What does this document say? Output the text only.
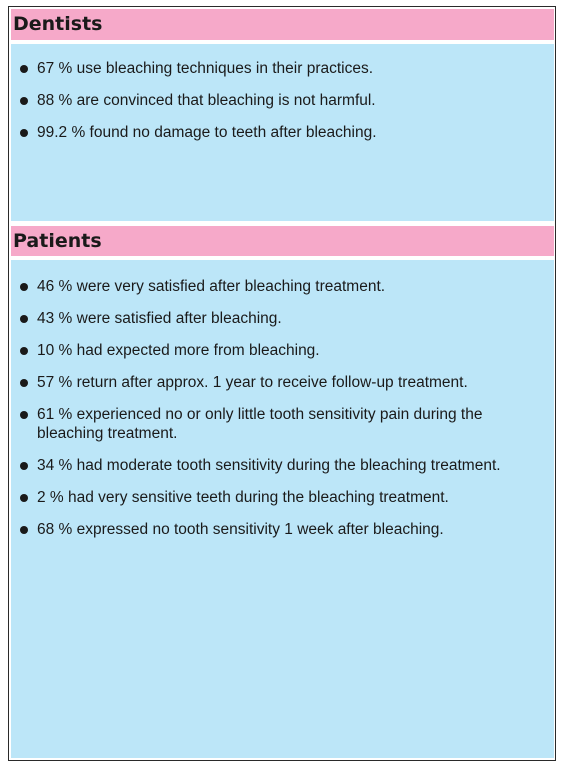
Dentists
67 % use bleaching techniques in their practices.
88 % are convinced that bleaching is not harmful.
99.2 % found no damage to teeth after bleaching.
Patients
46 % were very satisfied after bleaching treatment.
43 % were satisfied after bleaching.
10 % had expected more from bleaching.
57 % return after approx. 1 year to receive follow-up treatment.
61 % experienced no or only little tooth sensitivity pain during the bleaching treatment.
34 % had moderate tooth sensitivity during the bleaching treatment.
2 % had very sensitive teeth during the bleaching treatment.
68 % expressed no tooth sensitivity 1 week after bleaching.
